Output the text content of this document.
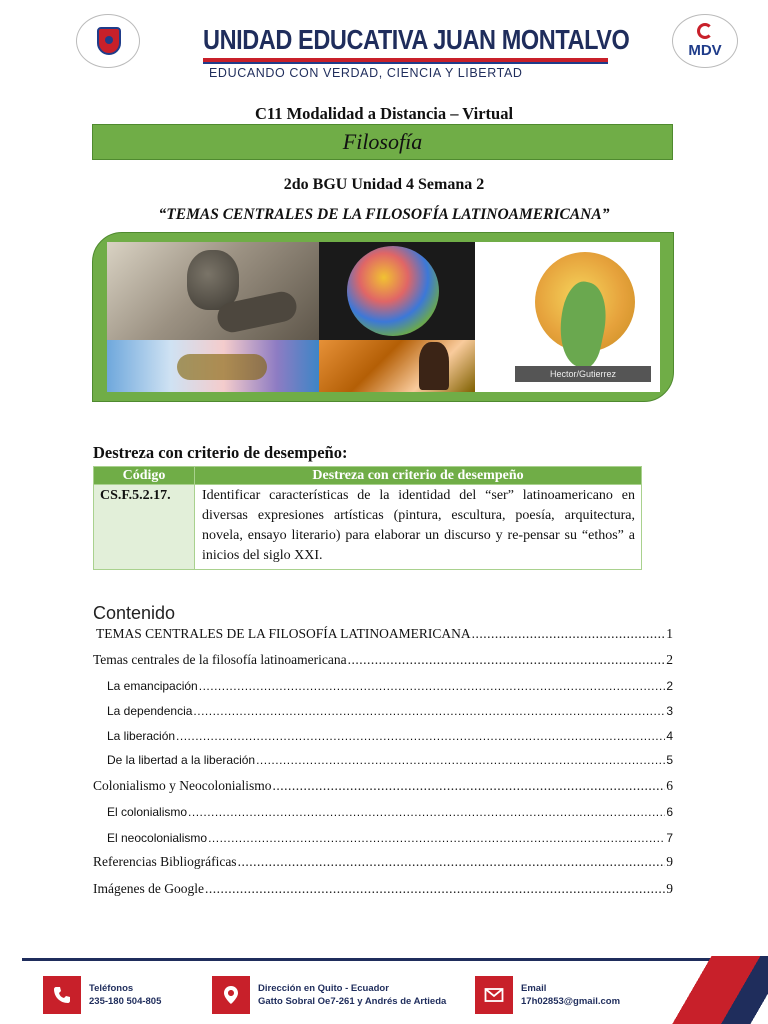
UNIDAD EDUCATIVA JUAN MONTALVO
EDUCANDO CON VERDAD, CIENCIA Y LIBERTAD
MDV
C11 Modalidad a Distancia – Virtual
Filosofía
2do BGU Unidad 4 Semana 2
“TEMAS CENTRALES DE LA FILOSOFÍA LATINOAMERICANA”
Hector/Gutierrez
Destreza con criterio de desempeño:
Código	Destreza con criterio de desempeño
CS.F.5.2.17.	Identificar características de la identidad del “ser” latinoamericano en diversas expresiones artísticas (pintura, escultura, poesía, arquitectura, novela, ensayo literario) para elaborar un discurso y re-pensar su “ethos” a inicios del siglo XXI.
Contenido
TEMAS CENTRALES DE LA FILOSOFÍA LATINOAMERICANA .....	1
Temas centrales de la filosofía latinoamericana .....	2
La emancipación .....	2
La dependencia .....	3
La liberación .....	4
De la libertad a la liberación .....	5
Colonialismo y Neocolonialismo .....	6
El colonialismo .....	6
El neocolonialismo .....	7
Referencias Bibliográficas .....	9
Imágenes de Google .....	9
Teléfonos
235-180 504-805
Dirección en Quito - Ecuador
Gatto Sobral Oe7-261 y Andrés de Artieda
Email
17h02853@gmail.com
